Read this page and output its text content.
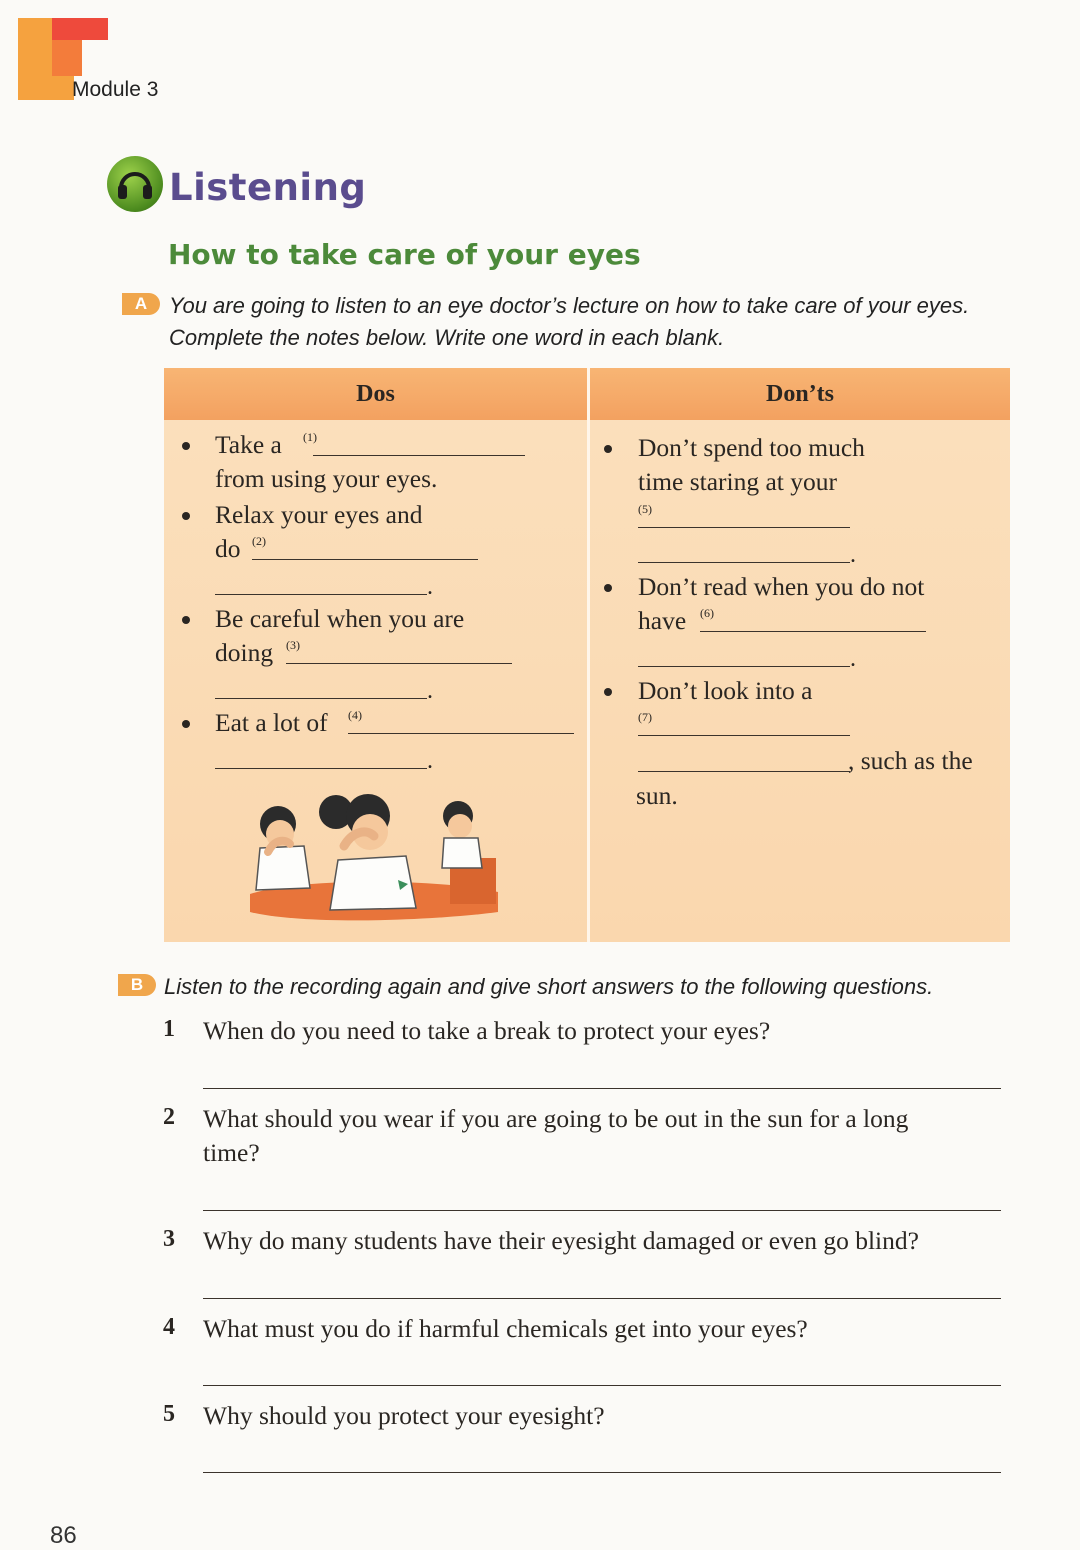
Module 3
Listening
How to take care of your eyes
A You are going to listen to an eye doctor’s lecture on how to take care of your eyes.
Complete the notes below. Write one word in each blank.
Dos	Don’ts
Take a (1)
from using your eyes.
Relax your eyes and
do (2)
.
Be careful when you are
doing (3)
.
Eat a lot of (4)
.
Don’t spend too much
time staring at your
(5)
.
Don’t read when you do not
have (6)
.
Don’t look into a
(7)
, such as the
sun.
B Listen to the recording again and give short answers to the following questions.
1 When do you need to take a break to protect your eyes?
2 What should you wear if you are going to be out in the sun for a long
time?
3 Why do many students have their eyesight damaged or even go blind?
4 What must you do if harmful chemicals get into your eyes?
5 Why should you protect your eyesight?
86
